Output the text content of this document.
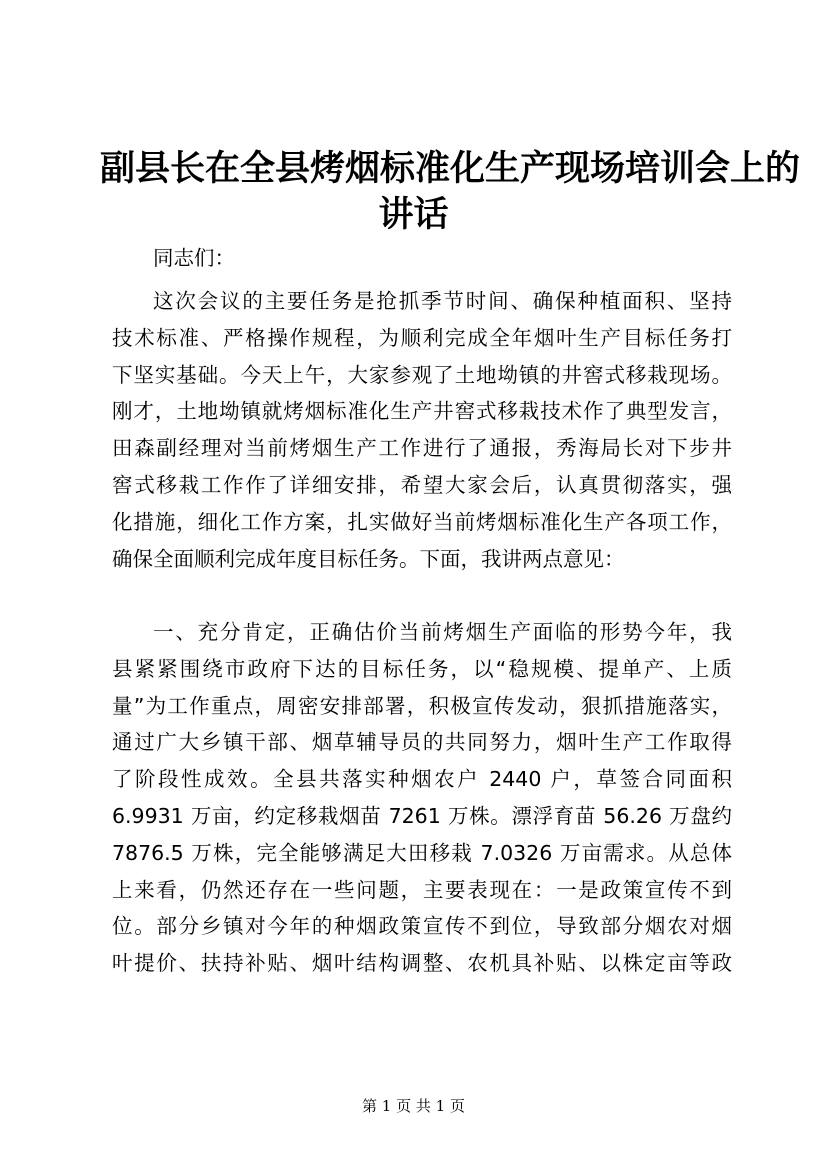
副县长在全县烤烟标准化生产现场培训会上的
讲话
同志们：
这次会议的主要任务是抢抓季节时间、确保种植面积、坚持
技术标准、严格操作规程，为顺利完成全年烟叶生产目标任务打
下坚实基础。今天上午，大家参观了土地坳镇的井窖式移栽现场。
刚才，土地坳镇就烤烟标准化生产井窖式移栽技术作了典型发言，
田森副经理对当前烤烟生产工作进行了通报，秀海局长对下步井
窖式移栽工作作了详细安排，希望大家会后，认真贯彻落实，强
化措施，细化工作方案，扎实做好当前烤烟标准化生产各项工作，
确保全面顺利完成年度目标任务。下面，我讲两点意见：
一、充分肯定，正确估价当前烤烟生产面临的形势今年，我
县紧紧围绕市政府下达的目标任务，以“稳规模、提单产、上质
量”为工作重点，周密安排部署，积极宣传发动，狠抓措施落实，
通过广大乡镇干部、烟草辅导员的共同努力，烟叶生产工作取得
了阶段性成效。全县共落实种烟农户 2440 户，草签合同面积
6.9931 万亩，约定移栽烟苗 7261 万株。漂浮育苗 56.26 万盘约
7876.5 万株，完全能够满足大田移栽 7.0326 万亩需求。从总体
上来看，仍然还存在一些问题，主要表现在：一是政策宣传不到
位。部分乡镇对今年的种烟政策宣传不到位，导致部分烟农对烟
叶提价、扶持补贴、烟叶结构调整、农机具补贴、以株定亩等政
第 1 页 共 1 页
